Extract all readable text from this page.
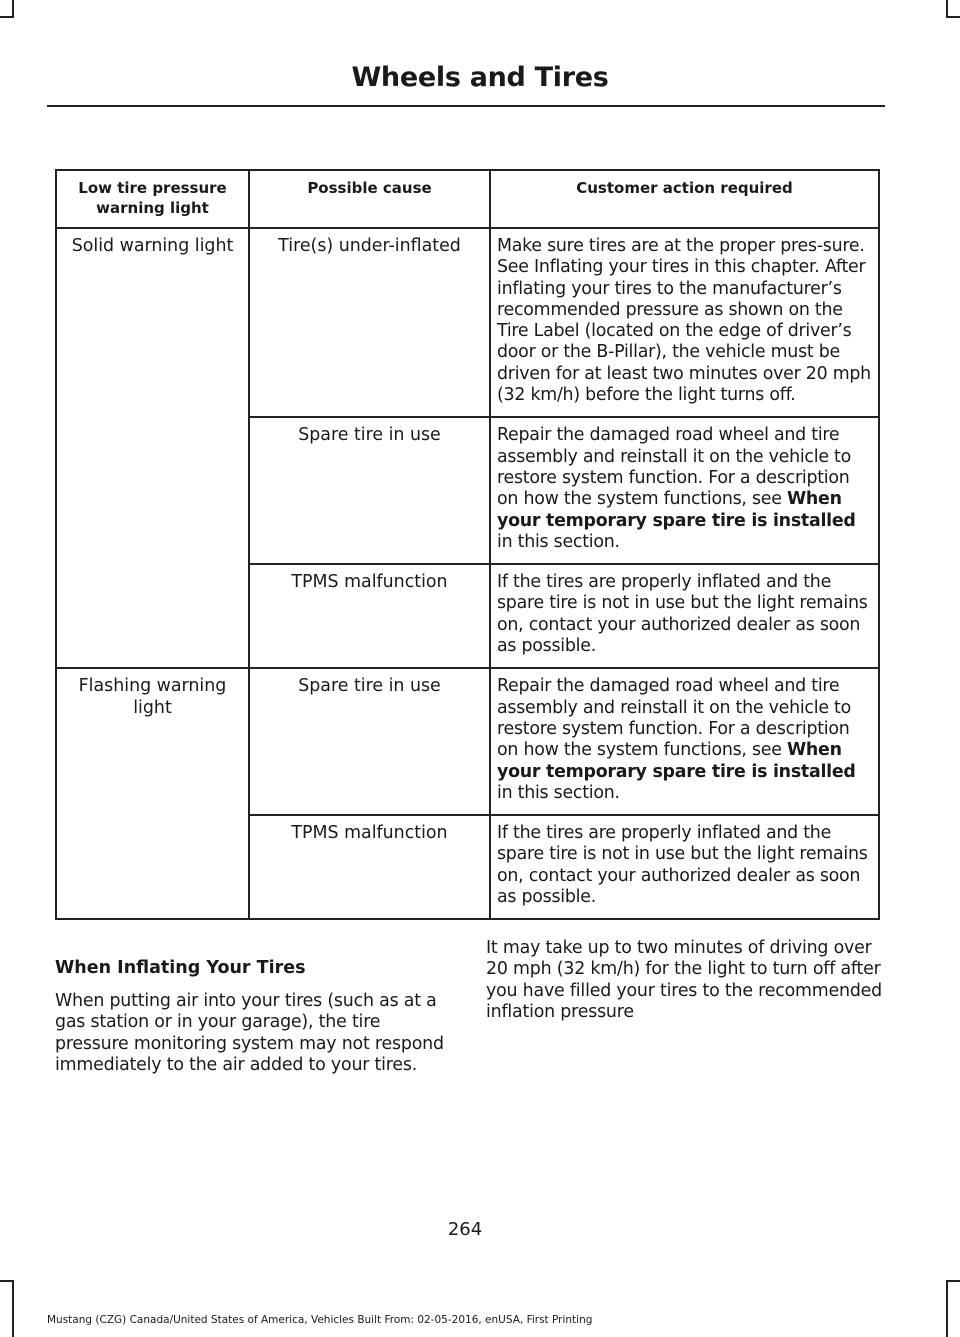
Wheels and Tires
Low tire pressure warning light	Possible cause	Customer action required
Solid warning light	Tire(s) under-inflated	Make sure tires are at the proper pres-sure. See Inflating your tires in this chapter. After inflating your tires to the manufacturer’s recommended pressure as shown on the Tire Label (located on the edge of driver’s door or the B-Pillar), the vehicle must be driven for at least two minutes over 20 mph (32 km/h) before the light turns off.
	Spare tire in use	Repair the damaged road wheel and tire assembly and reinstall it on the vehicle to restore system function. For a description on how the system functions, see When your temporary spare tire is installed in this section.
	TPMS malfunction	If the tires are properly inflated and the spare tire is not in use but the light remains on, contact your authorized dealer as soon as possible.
Flashing warning light	Spare tire in use	Repair the damaged road wheel and tire assembly and reinstall it on the vehicle to restore system function. For a description on how the system functions, see When your temporary spare tire is installed in this section.
	TPMS malfunction	If the tires are properly inflated and the spare tire is not in use but the light remains on, contact your authorized dealer as soon as possible.
When Inflating Your Tires

When putting air into your tires (such as at a gas station or in your garage), the tire pressure monitoring system may not respond immediately to the air added to your tires.

It may take up to two minutes of driving over 20 mph (32 km/h) for the light to turn off after you have filled your tires to the recommended inflation pressure

264
Mustang (CZG) Canada/United States of America, Vehicles Built From: 02-05-2016, enUSA, First Printing
